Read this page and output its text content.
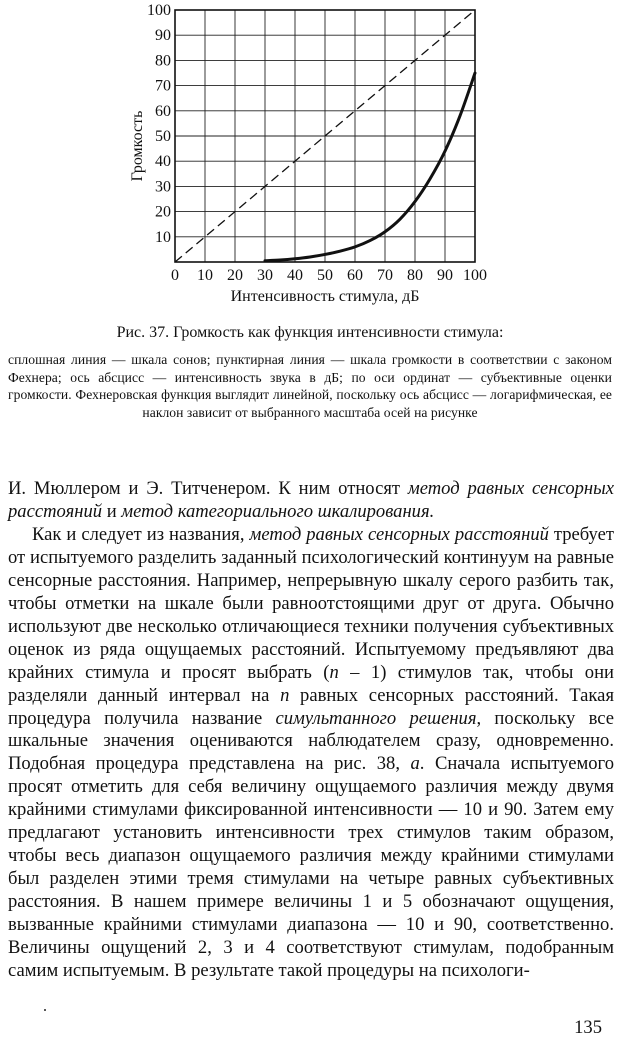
0 10 20 30 40 50 60 70 80 90 100
10
20
30
40
50
60
70
80
90
100
Интенсивность стимула, дБ
Громкость

Рис. 37. Громкость как функция интенсивности стимула:

сплошная линия — шкала сонов; пунктирная линия — шкала громкости в соответствии с законом Фехнера; ось абсцисс — интенсивность звука в дБ; по оси ординат — субъективные оценки громкости. Фехнеровская функция выглядит линейной, поскольку ось абсцисс — логарифмическая, ее наклон зависит от выбранного масштаба осей на рисунке

И. Мюллером и Э. Титченером. К ним относят метод равных сенсорных расстояний и метод категориального шкалирования.

Как и следует из названия, метод равных сенсорных расстояний требует от испытуемого разделить заданный психологический континуум на равные сенсорные расстояния. Например, непрерывную шкалу серого разбить так, чтобы отметки на шкале были равноотстоящими друг от друга. Обычно используют две несколько отличающиеся техники получения субъективных оценок из ряда ощущаемых расстояний. Испытуемому предъявляют два крайних стимула и просят выбрать (n – 1) стимулов так, чтобы они разделяли данный интервал на n равных сенсорных расстояний. Такая процедура получила название симультанного решения, поскольку все шкальные значения оцениваются наблюдателем сразу, одновременно. Подобная процедура представлена на рис. 38, а. Сначала испытуемого просят отметить для себя величину ощущаемого различия между двумя крайними стимулами фиксированной интенсивности — 10 и 90. Затем ему предлагают установить интенсивности трех стимулов таким образом, чтобы весь диапазон ощущаемого различия между крайними стимулами был разделен этими тремя стимулами на четыре равных субъективных расстояния. В нашем примере величины 1 и 5 обозначают ощущения, вызванные крайними стимулами диапазона — 10 и 90, соответственно. Величины ощущений 2, 3 и 4 соответствуют стимулам, подобранным самим испытуемым. В результате такой процедуры на психологи-

135
